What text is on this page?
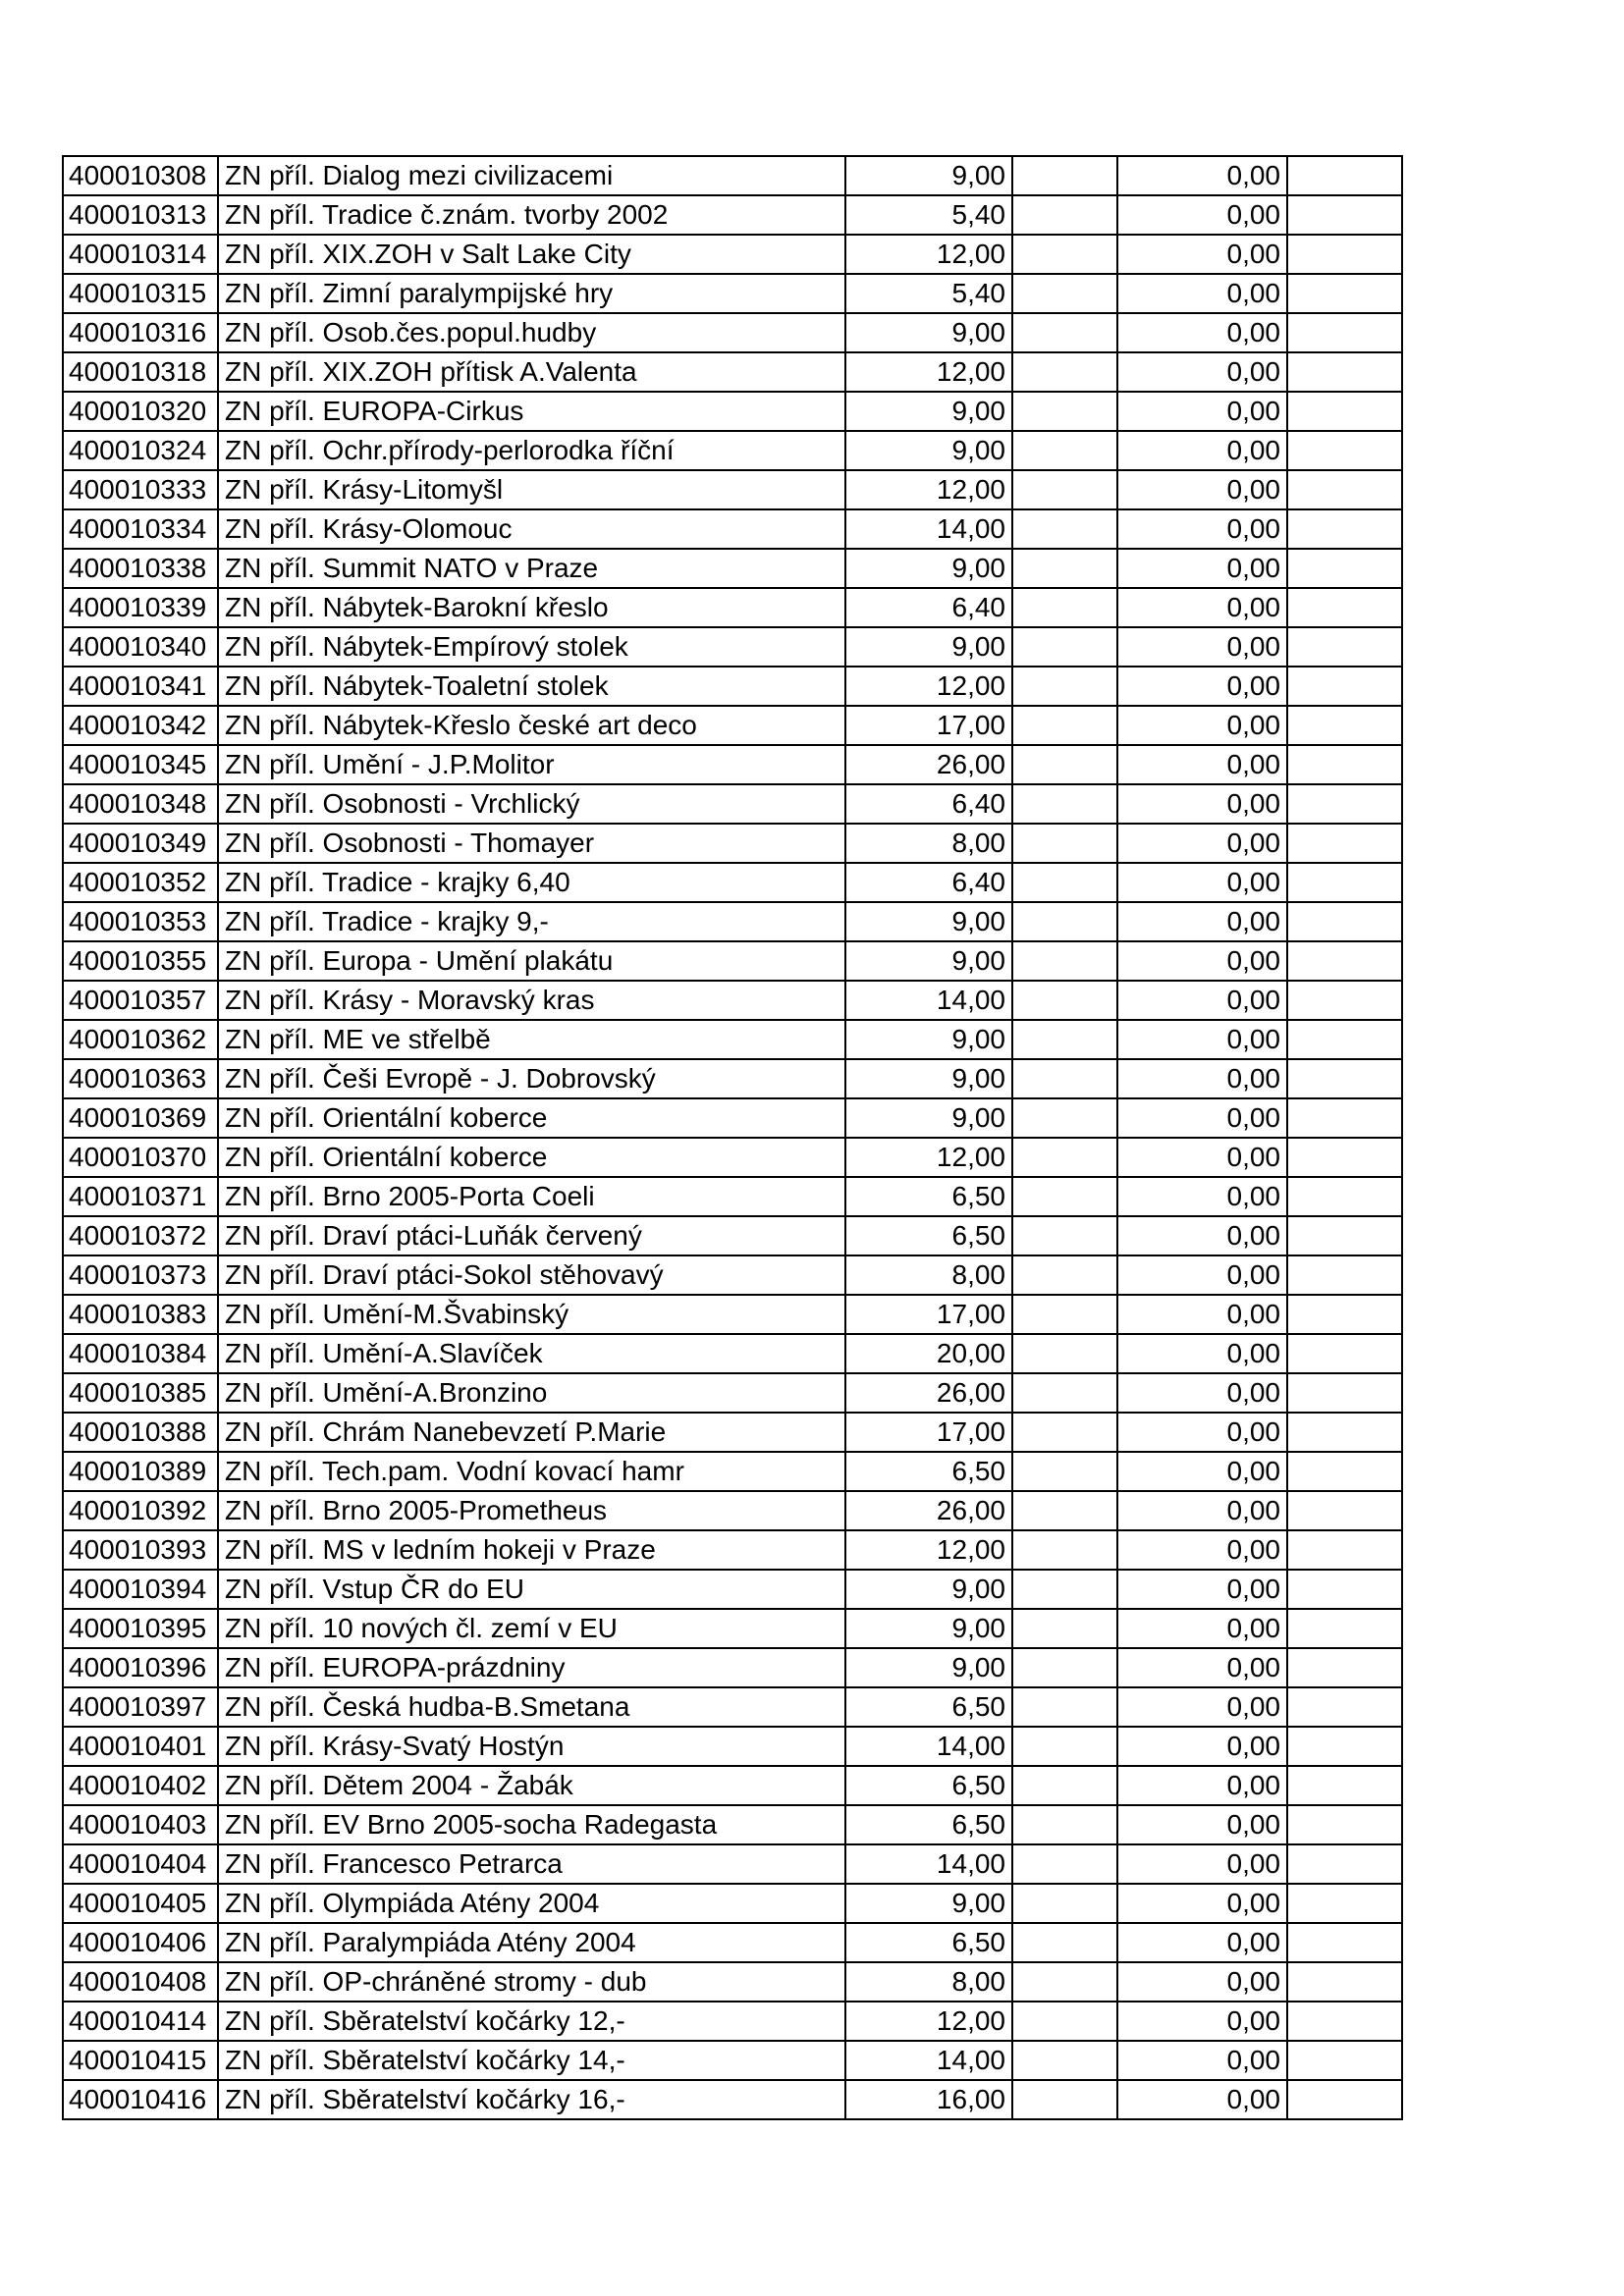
400010308	ZN příl. Dialog mezi civilizacemi	9,00		0,00	
400010313	ZN příl. Tradice č.znám. tvorby 2002	5,40		0,00	
400010314	ZN příl. XIX.ZOH v Salt Lake City	12,00		0,00	
400010315	ZN příl. Zimní paralympijské hry	5,40		0,00	
400010316	ZN příl. Osob.čes.popul.hudby	9,00		0,00	
400010318	ZN příl. XIX.ZOH přítisk A.Valenta	12,00		0,00	
400010320	ZN příl. EUROPA-Cirkus	9,00		0,00	
400010324	ZN příl. Ochr.přírody-perlorodka říční	9,00		0,00	
400010333	ZN příl. Krásy-Litomyšl	12,00		0,00	
400010334	ZN příl. Krásy-Olomouc	14,00		0,00	
400010338	ZN příl. Summit NATO v Praze	9,00		0,00	
400010339	ZN příl. Nábytek-Barokní křeslo	6,40		0,00	
400010340	ZN příl. Nábytek-Empírový stolek	9,00		0,00	
400010341	ZN příl. Nábytek-Toaletní stolek	12,00		0,00	
400010342	ZN příl. Nábytek-Křeslo české art deco	17,00		0,00	
400010345	ZN příl. Umění - J.P.Molitor	26,00		0,00	
400010348	ZN příl. Osobnosti - Vrchlický	6,40		0,00	
400010349	ZN příl. Osobnosti - Thomayer	8,00		0,00	
400010352	ZN příl. Tradice - krajky 6,40	6,40		0,00	
400010353	ZN příl. Tradice - krajky 9,-	9,00		0,00	
400010355	ZN příl. Europa - Umění plakátu	9,00		0,00	
400010357	ZN příl. Krásy - Moravský kras	14,00		0,00	
400010362	ZN příl. ME ve střelbě	9,00		0,00	
400010363	ZN příl. Češi Evropě - J. Dobrovský	9,00		0,00	
400010369	ZN příl. Orientální koberce	9,00		0,00	
400010370	ZN příl. Orientální koberce	12,00		0,00	
400010371	ZN příl. Brno 2005-Porta Coeli	6,50		0,00	
400010372	ZN příl. Draví ptáci-Luňák červený	6,50		0,00	
400010373	ZN příl. Draví ptáci-Sokol stěhovavý	8,00		0,00	
400010383	ZN příl. Umění-M.Švabinský	17,00		0,00	
400010384	ZN příl. Umění-A.Slavíček	20,00		0,00	
400010385	ZN příl. Umění-A.Bronzino	26,00		0,00	
400010388	ZN příl. Chrám Nanebevzetí P.Marie	17,00		0,00	
400010389	ZN příl. Tech.pam. Vodní kovací hamr	6,50		0,00	
400010392	ZN příl. Brno 2005-Prometheus	26,00		0,00	
400010393	ZN příl. MS v ledním hokeji v Praze	12,00		0,00	
400010394	ZN příl. Vstup ČR do EU	9,00		0,00	
400010395	ZN příl. 10 nových čl. zemí v EU	9,00		0,00	
400010396	ZN příl. EUROPA-prázdniny	9,00		0,00	
400010397	ZN příl. Česká hudba-B.Smetana	6,50		0,00	
400010401	ZN příl. Krásy-Svatý Hostýn	14,00		0,00	
400010402	ZN příl. Dětem 2004 - Žabák	6,50		0,00	
400010403	ZN příl. EV Brno 2005-socha Radegasta	6,50		0,00	
400010404	ZN příl. Francesco Petrarca	14,00		0,00	
400010405	ZN příl. Olympiáda Atény 2004	9,00		0,00	
400010406	ZN příl. Paralympiáda Atény 2004	6,50		0,00	
400010408	ZN příl. OP-chráněné stromy - dub	8,00		0,00	
400010414	ZN příl. Sběratelství kočárky 12,-	12,00		0,00	
400010415	ZN příl. Sběratelství kočárky 14,-	14,00		0,00	
400010416	ZN příl. Sběratelství kočárky 16,-	16,00		0,00	
